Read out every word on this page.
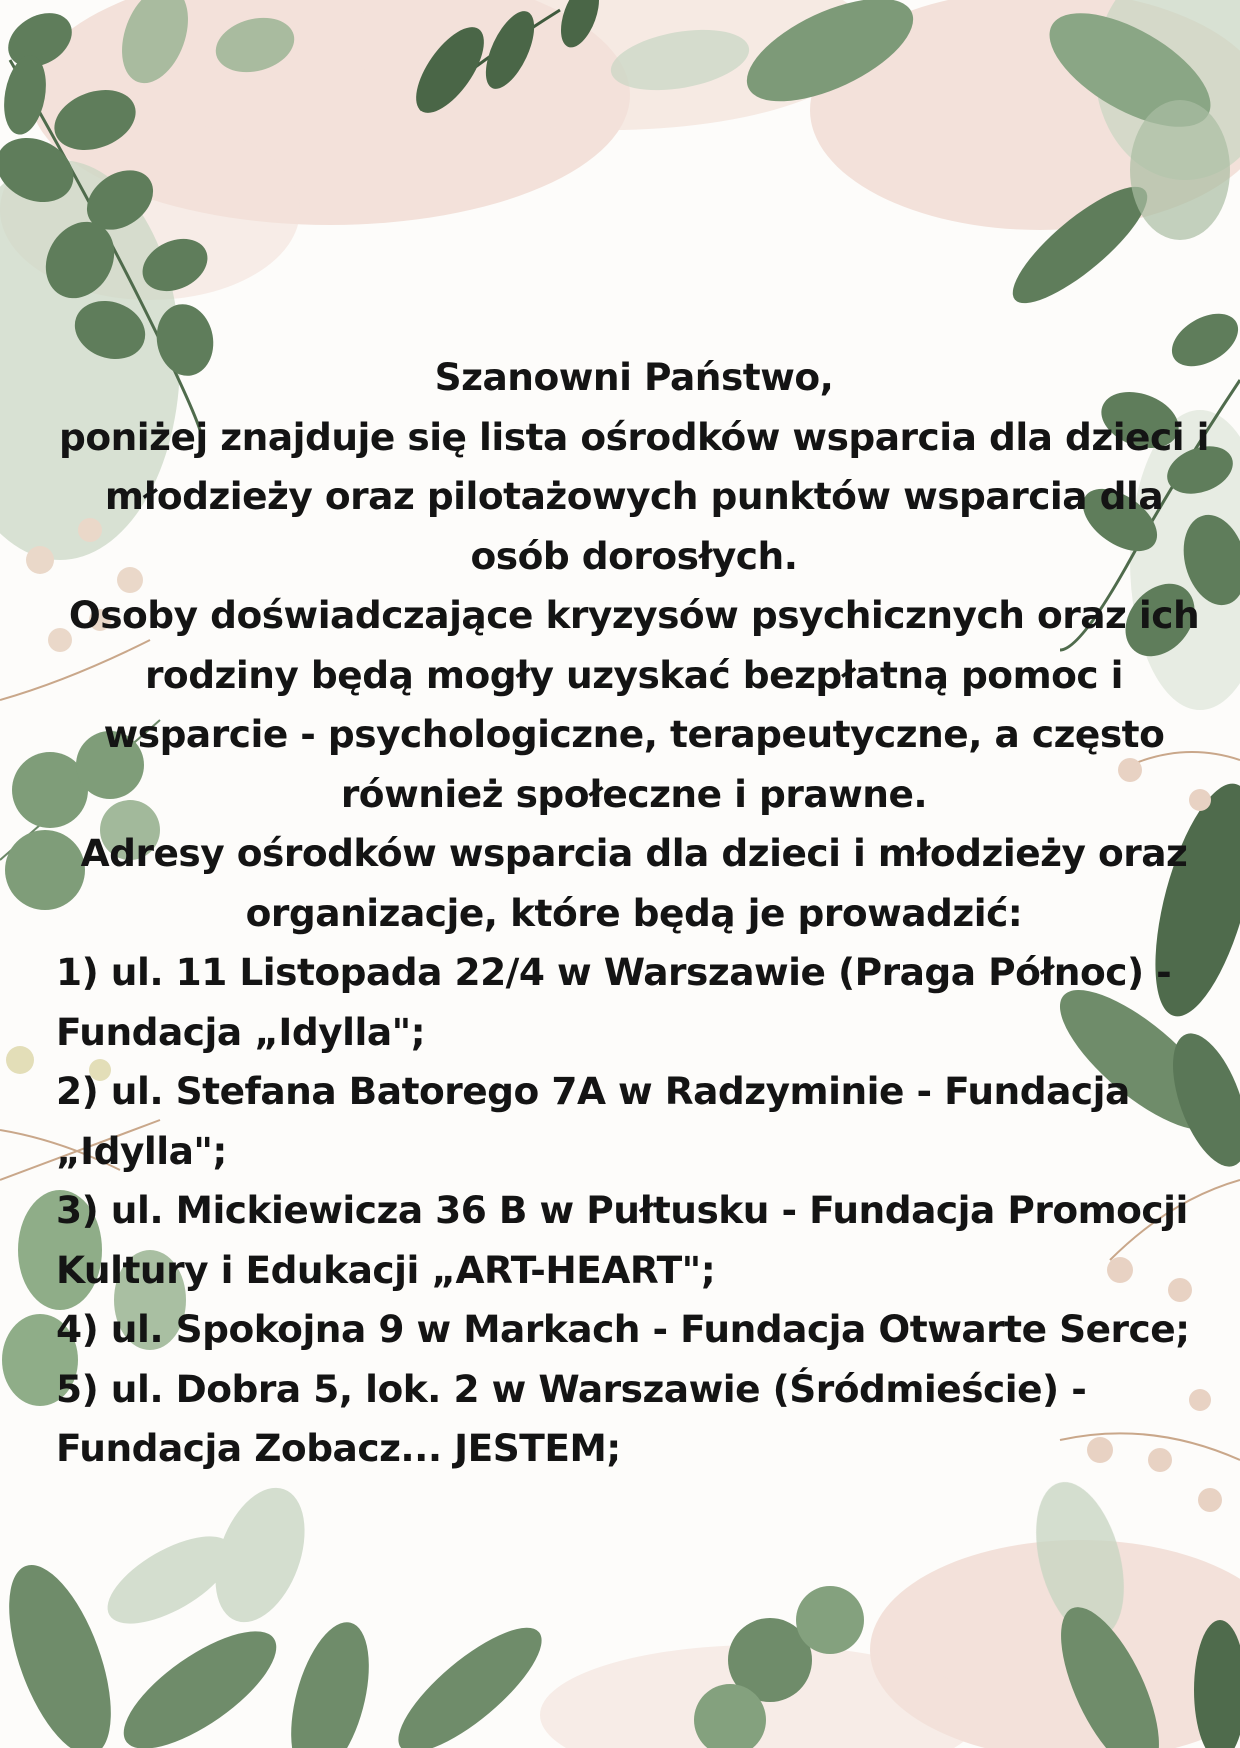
Szanowni Państwo,

poniżej znajduje się lista ośrodków wsparcia dla dzieci i młodzieży oraz pilotażowych punktów wsparcia dla osób dorosłych.

Osoby doświadczające kryzysów psychicznych oraz ich rodziny będą mogły uzyskać bezpłatną pomoc i wsparcie - psychologiczne, terapeutyczne, a często również społeczne i prawne.

Adresy ośrodków wsparcia dla dzieci i młodzieży oraz organizacje, które będą je prowadzić:

1) ul. 11 Listopada 22/4 w Warszawie (Praga Północ) - Fundacja „Idylla";

2) ul. Stefana Batorego 7A w Radzyminie - Fundacja „Idylla";

3) ul. Mickiewicza 36 B w Pułtusku - Fundacja Promocji Kultury i Edukacji „ART-HEART";

4) ul. Spokojna 9 w Markach - Fundacja Otwarte Serce;

5) ul. Dobra 5, lok. 2 w Warszawie (Śródmieście) - Fundacja Zobacz... JESTEM;
